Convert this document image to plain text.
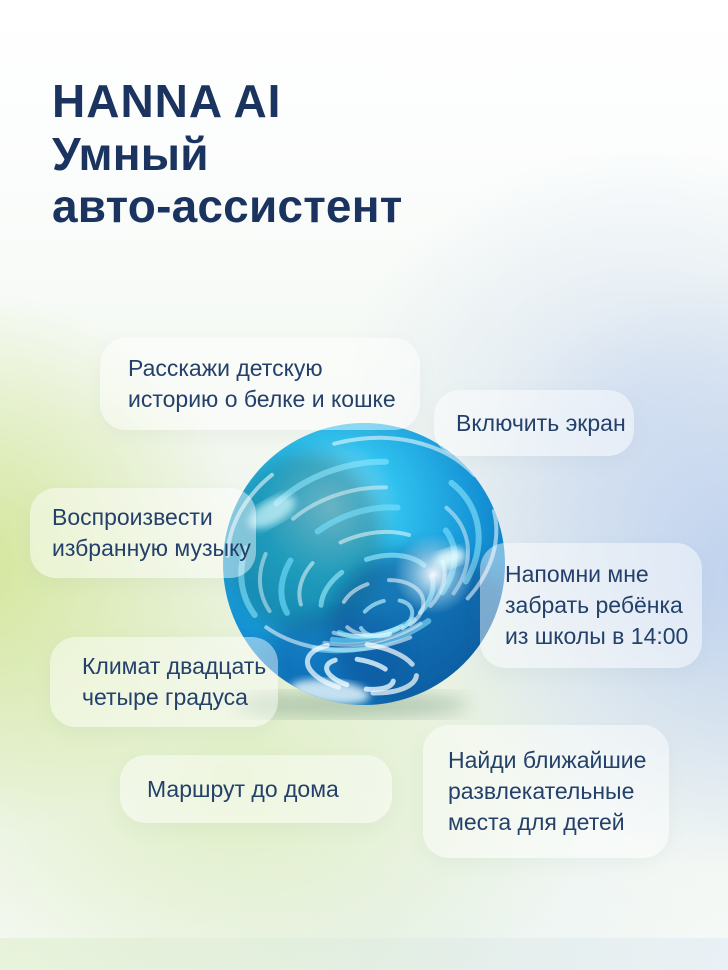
HANNA AI
Умный
авто-ассистент
Расскажи детскую
историю о белке и кошке
Включить экран
Воспроизвести
избранную музыку
Напомни мне
забрать ребёнка
из школы в 14:00
Климат двадцать
четыре градуса
Маршрут до дома
Найди ближайшие
развлекательные
места для детей
